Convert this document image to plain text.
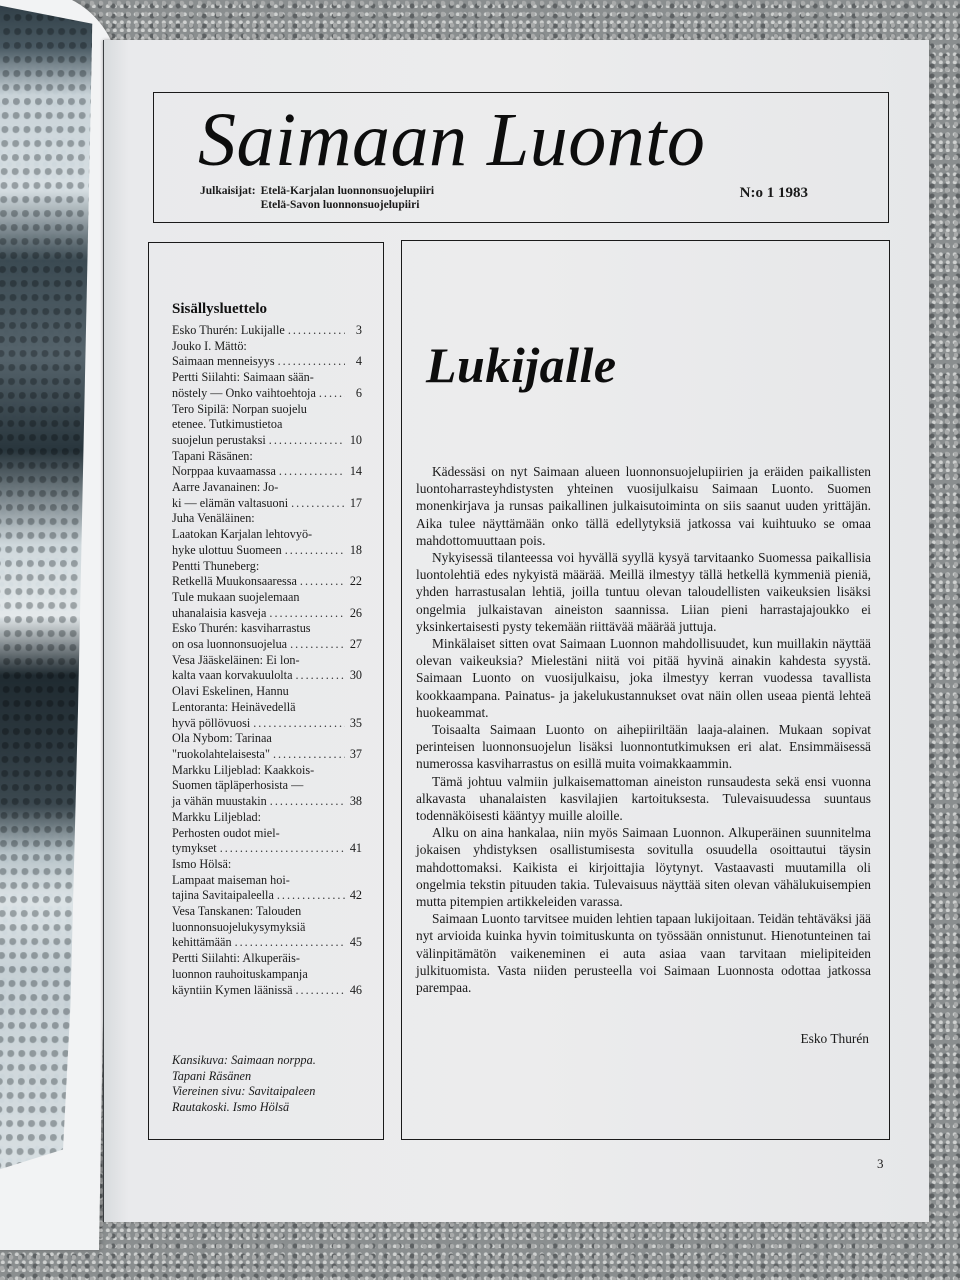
Saimaan Luonto
Julkaisijat: Etelä-Karjalan luonnonsuojelupiiri
Etelä-Savon luonnonsuojelupiiri
N:o 1 1983
Sisällysluettelo
Esko Thurén: Lukijalle .....	3
Jouko I. Mättö:
Saimaan menneisyys .....	4
Pertti Siilahti: Saimaan sään-
nöstely — Onko vaihtoehtoja .....	6
Tero Sipilä: Norpan suojelu
etenee. Tutkimustietoa
suojelun perustaksi .....	10
Tapani Räsänen:
Norppaa kuvaamassa .....	14
Aarre Javanainen: Jo-
ki — elämän valtasuoni .....	17
Juha Venäläinen:
Laatokan Karjalan lehtovyö-
hyke ulottuu Suomeen .....	18
Pentti Thuneberg:
Retkellä Muukonsaaressa .....	22
Tule mukaan suojelemaan
uhanalaisia kasveja .....	26
Esko Thurén: kasviharrastus
on osa luonnonsuojelua .....	27
Vesa Jääskeläinen: Ei lon-
kalta vaan korvakuulolta .....	30
Olavi Eskelinen, Hannu
Lentoranta: Heinävedellä
hyvä pöllövuosi .....	35
Ola Nybom: Tarinaa
"ruokolahtelaisesta" .....	37
Markku Liljeblad: Kaakkois-
Suomen täpläperhosista —
ja vähän muustakin .....	38
Markku Liljeblad:
Perhosten oudot miel-
tymykset .....	41
Ismo Hölsä:
Lampaat maiseman hoi-
tajina Savitaipaleella .....	42
Vesa Tanskanen: Talouden
luonnonsuojelukysymyksiä
kehittämään .....	45
Pertti Siilahti: Alkuperäis-
luonnon rauhoituskampanja
käyntiin Kymen läänissä .....	46
Kansikuva: Saimaan norppa.
Tapani Räsänen
Viereinen sivu: Savitaipaleen
Rautakoski. Ismo Hölsä
Lukijalle

Kädessäsi on nyt Saimaan alueen luonnonsuojelupiirien ja eräiden paikallisten luontoharrasteyhdistysten yhteinen vuosijulkaisu Saimaan Luonto. Suomen monenkirjava ja runsas paikallinen julkaisutoiminta on siis saanut uuden yrittäjän. Aika tulee näyttämään onko tällä edellytyksiä jatkossa vai kuihtuuko se omaa mahdottomuuttaan pois.

Nykyisessä tilanteessa voi hyvällä syyllä kysyä tarvitaanko Suomessa paikallisia luontolehtiä edes nykyistä määrää. Meillä ilmestyy tällä hetkellä kymmeniä pieniä, yhden harrastusalan lehtiä, joilla tuntuu olevan taloudellisten vaikeuksien lisäksi ongelmia julkaistavan aineiston saannissa. Liian pieni harrastajajoukko ei yksinkertaisesti pysty tekemään riittävää määrää juttuja.

Minkälaiset sitten ovat Saimaan Luonnon mahdollisuudet, kun muillakin näyttää olevan vaikeuksia? Mielestäni niitä voi pitää hyvinä ainakin kahdesta syystä. Saimaan Luonto on vuosijulkaisu, joka ilmestyy kerran vuodessa tavallista kookkaampana. Painatus- ja jakelukustannukset ovat näin ollen useaa pientä lehteä huokeammat.

Toisaalta Saimaan Luonto on aihepiiriltään laaja-alainen. Mukaan sopivat perinteisen luonnonsuojelun lisäksi luonnontutkimuksen eri alat. Ensimmäisessä numerossa kasviharrastus on esillä muita voimakkaammin.

Tämä johtuu valmiin julkaisemattoman aineiston runsaudesta sekä ensi vuonna alkavasta uhanalaisten kasvilajien kartoituksesta. Tulevaisuudessa suuntaus todennäköisesti kääntyy muille aloille.

Alku on aina hankalaa, niin myös Saimaan Luonnon. Alkuperäinen suunnitelma jokaisen yhdistyksen osallistumisesta sovitulla osuudella osoittautui täysin mahdottomaksi. Kaikista ei kirjoittajia löytynyt. Vastaavasti muutamilla oli ongelmia tekstin pituuden takia. Tulevaisuus näyttää siten olevan vähälukuisempien mutta pitempien artikkeleiden varassa.

Saimaan Luonto tarvitsee muiden lehtien tapaan lukijoitaan. Teidän tehtäväksi jää nyt arvioida kuinka hyvin toimituskunta on työssään onnistunut. Hienotunteinen tai välinpitämätön vaikeneminen ei auta asiaa vaan tarvitaan mielipiteiden julkituomista. Vasta niiden perusteella voi Saimaan Luonnosta odottaa jatkossa parempaa.

Esko Thurén
3
